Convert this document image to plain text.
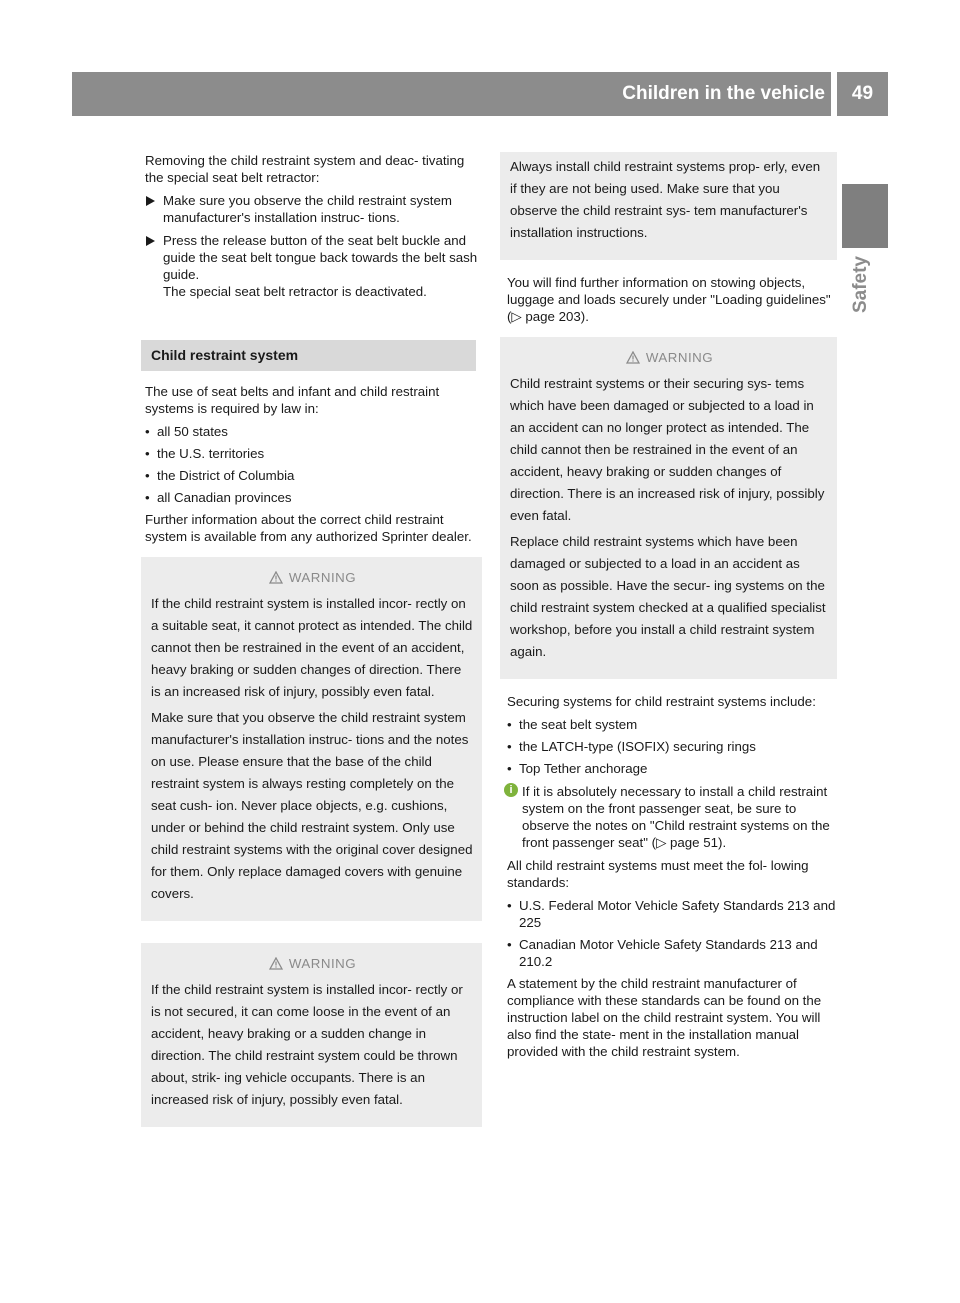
Children in the vehicle	49
Safety

Removing the child restraint system and deac- tivating the special seat belt retractor:

Make sure you observe the child restraint system manufacturer's installation instruc- tions.
Press the release button of the seat belt buckle and guide the seat belt tongue back towards the belt sash guide.
The special seat belt retractor is deactivated.
Child restraint system

The use of seat belts and infant and child restraint systems is required by law in:

• all 50 states
• the U.S. territories
• the District of Columbia
• all Canadian provinces

Further information about the correct child restraint system is available from any authorized Sprinter dealer.

WARNING

If the child restraint system is installed incor- rectly on a suitable seat, it cannot protect as intended. The child cannot then be restrained in the event of an accident, heavy braking or sudden changes of direction. There is an increased risk of injury, possibly even fatal.

Make sure that you observe the child restraint system manufacturer's installation instruc- tions and the notes on use. Please ensure that the base of the child restraint system is always resting completely on the seat cush- ion. Never place objects, e.g. cushions, under or behind the child restraint system. Only use child restraint systems with the original cover designed for them. Only replace damaged covers with genuine covers.

WARNING

If the child restraint system is installed incor- rectly or is not secured, it can come loose in the event of an accident, heavy braking or a sudden change in direction. The child restraint system could be thrown about, strik- ing vehicle occupants. There is an increased risk of injury, possibly even fatal.

Always install child restraint systems prop- erly, even if they are not being used. Make sure that you observe the child restraint sys- tem manufacturer's installation instructions.

You will find further information on stowing objects, luggage and loads securely under "Loading guidelines" (▷ page 203).

WARNING

Child restraint systems or their securing sys- tems which have been damaged or subjected to a load in an accident can no longer protect as intended. The child cannot then be restrained in the event of an accident, heavy braking or sudden changes of direction. There is an increased risk of injury, possibly even fatal.

Replace child restraint systems which have been damaged or subjected to a load in an accident as soon as possible. Have the secur- ing systems on the child restraint system checked at a qualified specialist workshop, before you install a child restraint system again.

Securing systems for child restraint systems include:

• the seat belt system
• the LATCH-type (ISOFIX) securing rings
• Top Tether anchorage
i If it is absolutely necessary to install a child restraint system on the front passenger seat, be sure to observe the notes on "Child restraint systems on the front passenger seat" (▷ page 51).

All child restraint systems must meet the fol- lowing standards:

• U.S. Federal Motor Vehicle Safety Standards 213 and 225
• Canadian Motor Vehicle Safety Standards 213 and 210.2

A statement by the child restraint manufacturer of compliance with these standards can be found on the instruction label on the child restraint system. You will also find the state- ment in the installation manual provided with the child restraint system.
